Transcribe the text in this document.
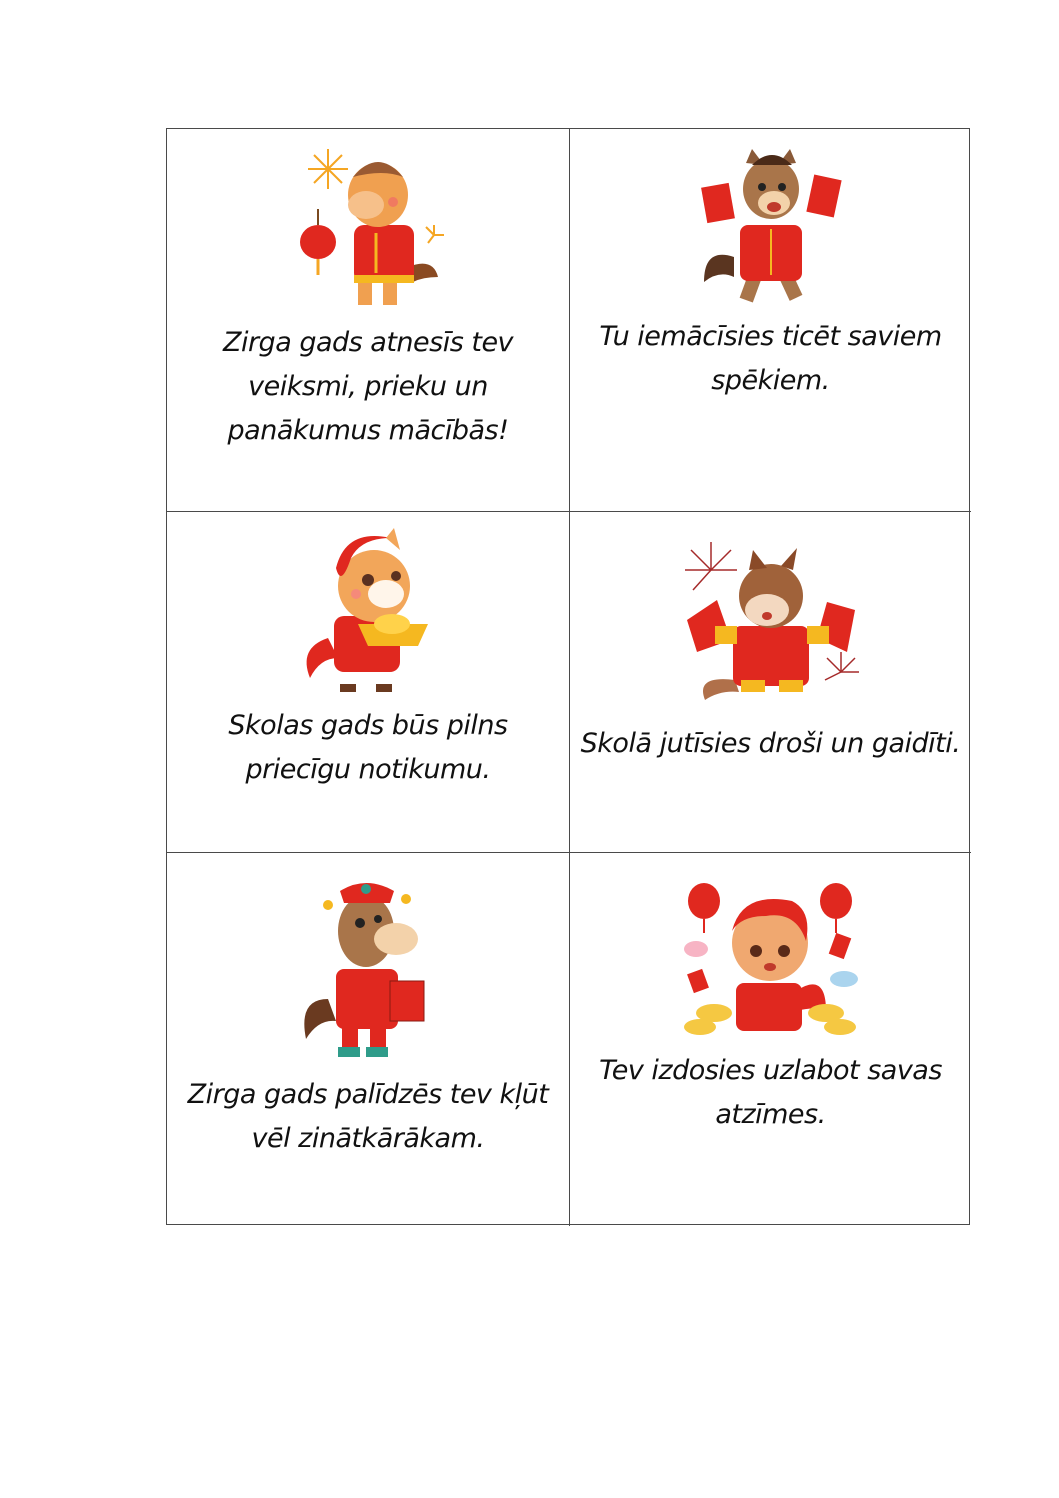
Zirga gads atnesīs tev veiksmi, prieku un panākumus mācībās!
Tu iemācīsies ticēt saviem spēkiem.
Skolas gads būs pilns priecīgu notikumu.
Skolā jutīsies droši un gaidīti.
Zirga gads palīdzēs tev kļūt vēl zinātkārākam.
Tev izdosies uzlabot savas atzīmes.
